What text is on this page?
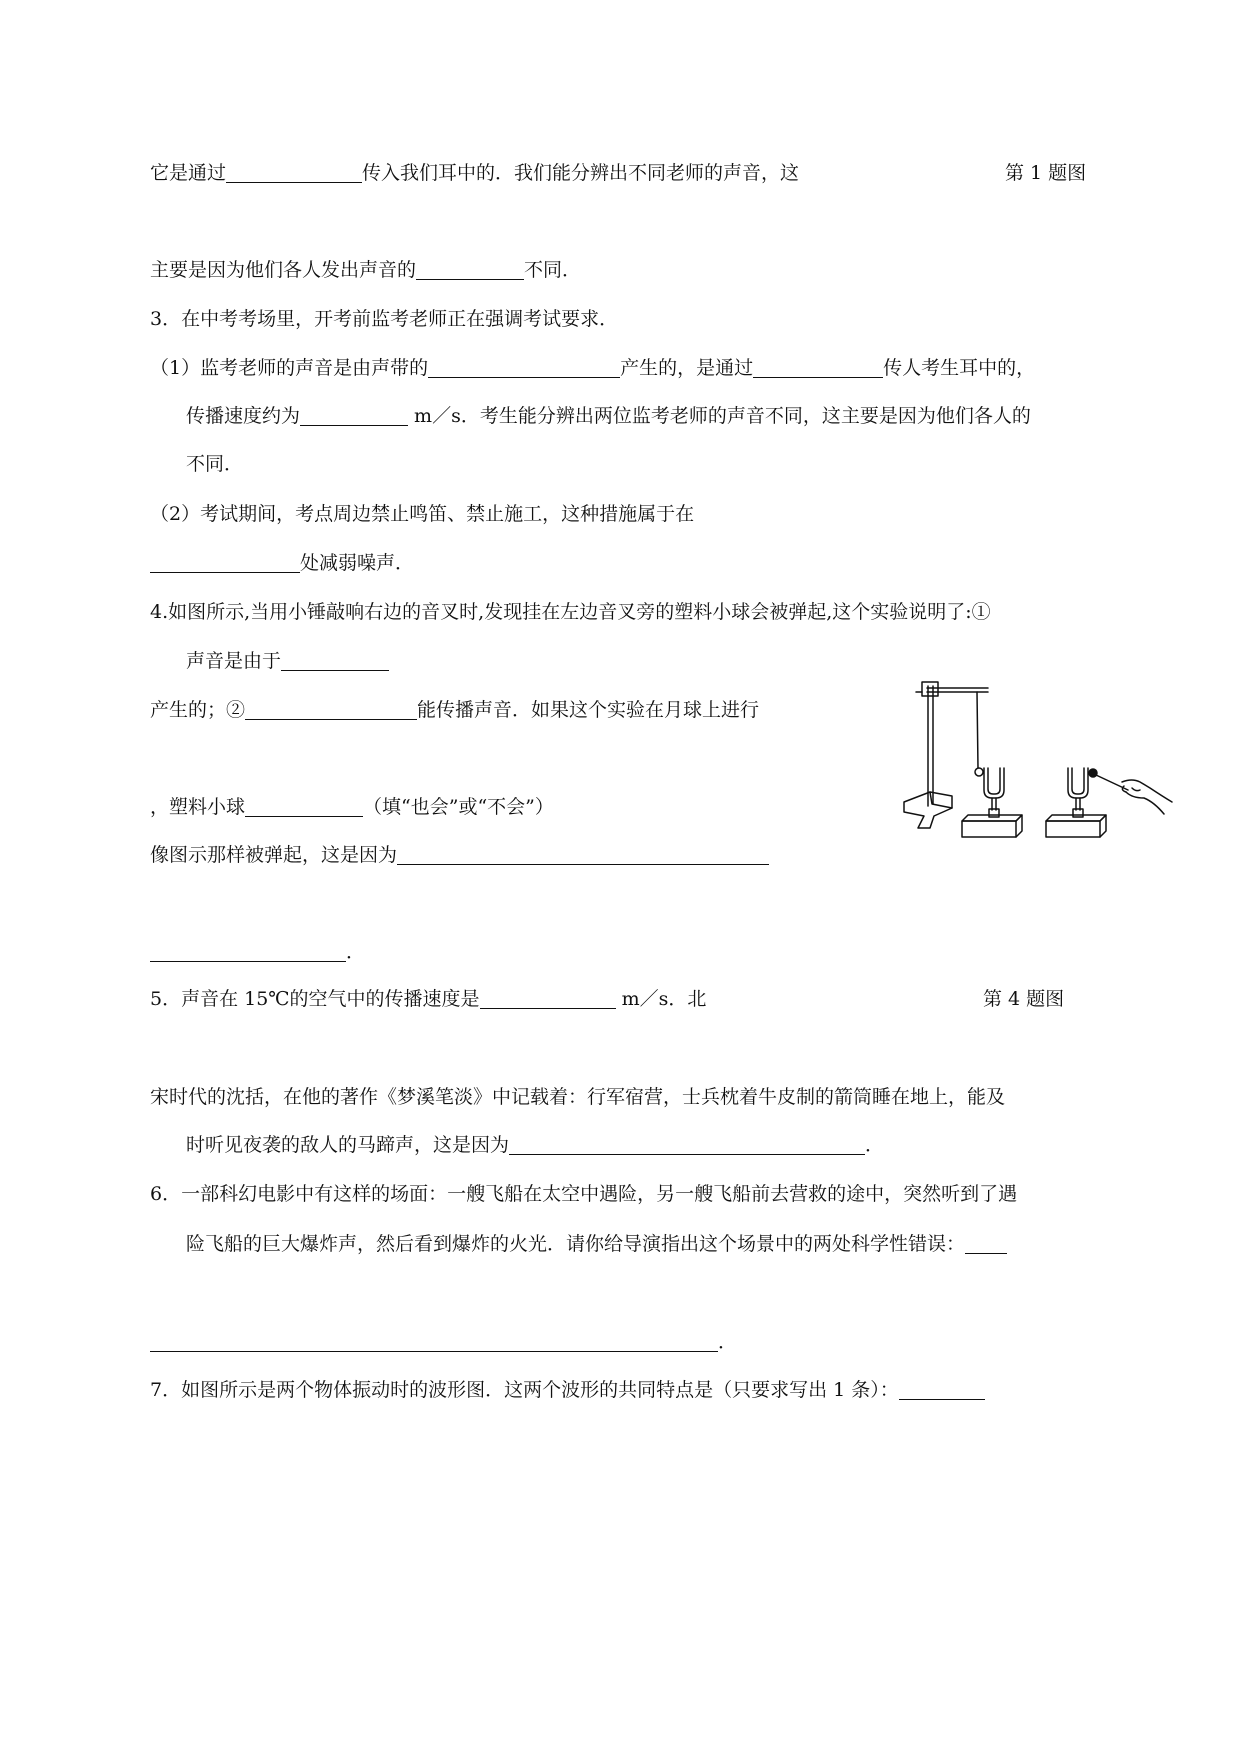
它是通过	传入我们耳中的．我们能分辨出不同老师的声音，这	第 1 题图
主要是因为他们各人发出声音的	不同．
3．在中考考场里，开考前监考老师正在强调考试要求．
（1）监考老师的声音是由声带的	产生的，是通过	传人考生耳中的，
传播速度约为	m／s．考生能分辨出两位监考老师的声音不同，这主要是因为他们各人的
不同．
（2）考试期间，考点周边禁止鸣笛、禁止施工，这种措施属于在
处减弱噪声．
4.如图所示,当用小锤敲响右边的音叉时,发现挂在左边音叉旁的塑料小球会被弹起,这个实验说明了:①
声音是由于
产生的；②	能传播声音．如果这个实验在月球上进行
，塑料小球	（填“也会”或“不会”）
像图示那样被弹起，这是因为
．
5．声音在 15℃的空气中的传播速度是	m／s．北	第 4 题图
宋时代的沈括，在他的著作《梦溪笔淡》中记载着：行军宿营，士兵枕着牛皮制的箭筒睡在地上，能及
时听见夜袭的敌人的马蹄声，这是因为	．
6．一部科幻电影中有这样的场面：一艘飞船在太空中遇险，另一艘飞船前去营救的途中，突然听到了遇
险飞船的巨大爆炸声，然后看到爆炸的火光．请你给导演指出这个场景中的两处科学性错误：
．
7．如图所示是两个物体振动时的波形图．这两个波形的共同特点是（只要求写出 1 条）：
